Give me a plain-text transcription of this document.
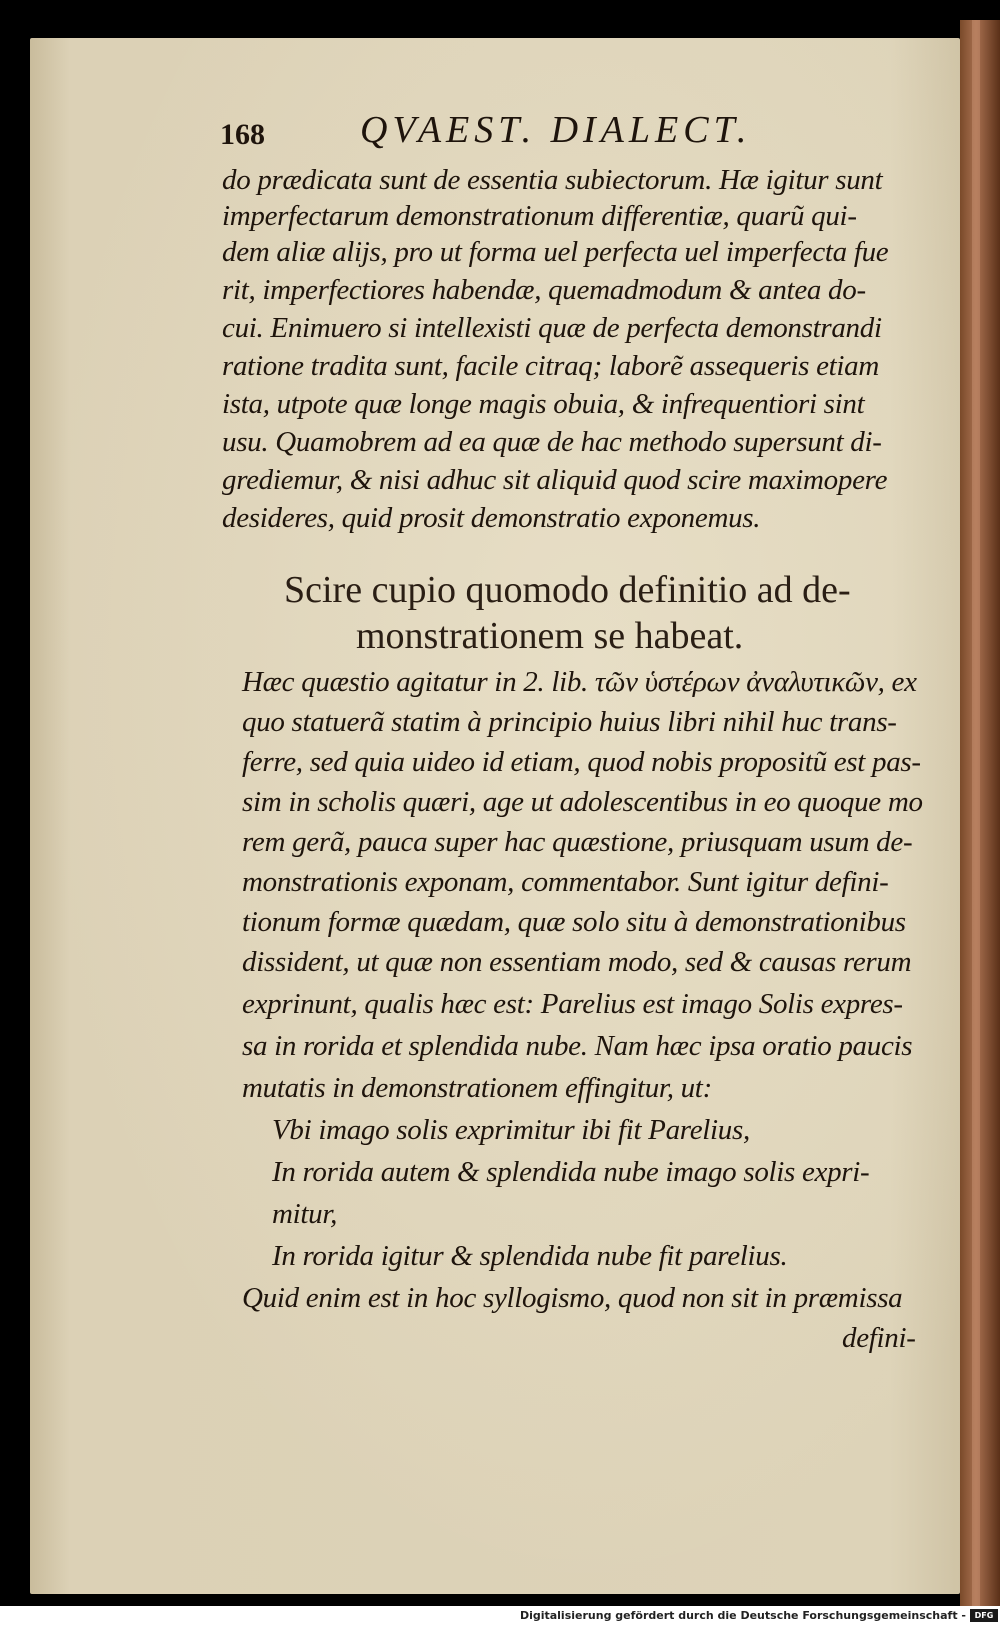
168	QVAEST. DIALECT.
do prædicata sunt de essentia subiectorum. Hæ igitur sunt
imperfectarum demonstrationum differentiæ, quarũ qui-
dem aliæ alijs, pro ut forma uel perfecta uel imperfecta fue
rit, imperfectiores habendæ, quemadmodum & antea do-
cui. Enimuero si intellexisti quæ de perfecta demonstrandi
ratione tradita sunt, facile citraq; laborẽ assequeris etiam
ista, utpote quæ longe magis obuia, & infrequentiori sint
usu. Quamobrem ad ea quæ de hac methodo supersunt di-
grediemur, & nisi adhuc sit aliquid quod scire maximopere
desideres, quid prosit demonstratio exponemus.
Scire cupio quomodo definitio ad de-
monstrationem se habeat.
Hæc quæstio agitatur in 2. lib. τῶν ὑστέρων ἀναλυτικῶν, ex
quo statuerã statim à principio huius libri nihil huc trans-
ferre, sed quia uideo id etiam, quod nobis propositũ est pas-
sim in scholis quæri, age ut adolescentibus in eo quoque mo
rem gerã, pauca super hac quæstione, priusquam usum de-
monstrationis exponam, commentabor. Sunt igitur defini-
tionum formæ quædam, quæ solo situ à demonstrationibus
dissident, ut quæ non essentiam modo, sed & causas rerum
exprinunt, qualis hæc est: Parelius est imago Solis expres-
sa in rorida et splendida nube. Nam hæc ipsa oratio paucis
mutatis in demonstrationem effingitur, ut:
Vbi imago solis exprimitur ibi fit Parelius,
In rorida autem & splendida nube imago solis expri-
mitur,
In rorida igitur & splendida nube fit parelius.
Quid enim est in hoc syllogismo, quod non sit in præmissa
defini-
Digitalisierung gefördert durch die Deutsche Forschungsgemeinschaft -	DFG
